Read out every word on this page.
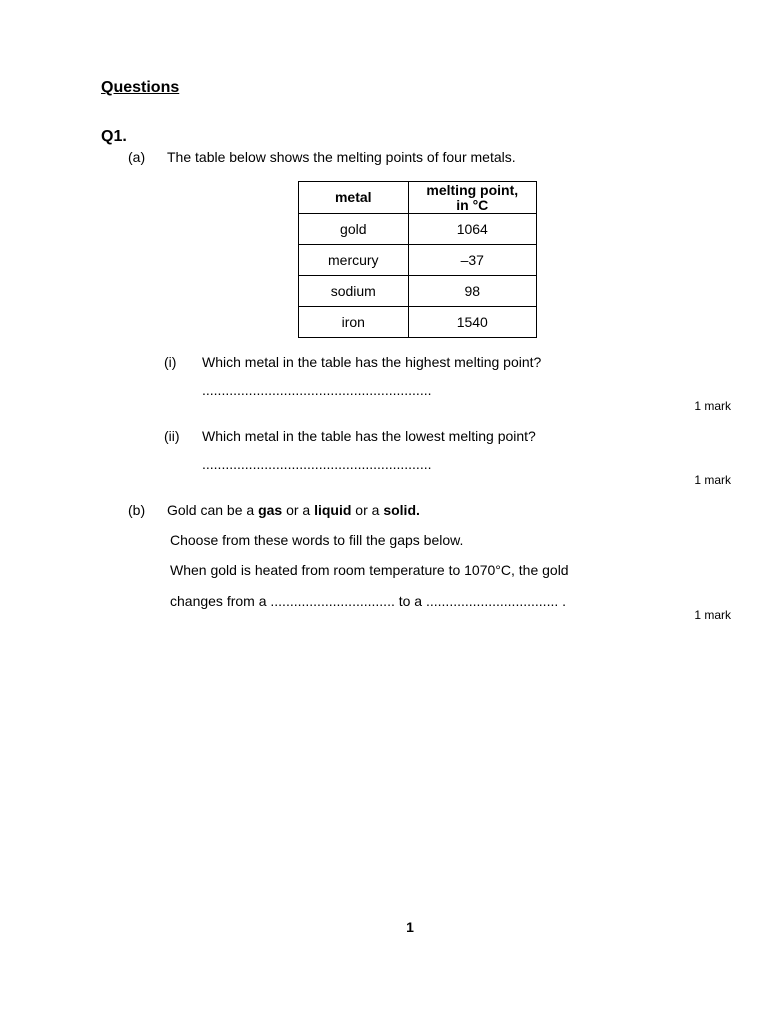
Questions
Q1.
(a) The table below shows the melting points of four metals.
metal	melting point,
in °C
gold	1064
mercury	–37
sodium	98
iron	1540
(i) Which metal in the table has the highest melting point?
...........................................................
1 mark
(ii) Which metal in the table has the lowest melting point?
...........................................................
1 mark
(b) Gold can be a gas or a liquid or a solid.
Choose from these words to fill the gaps below.
When gold is heated from room temperature to 1070°C, the gold
changes from a ................................ to a .................................. .
1 mark
1
